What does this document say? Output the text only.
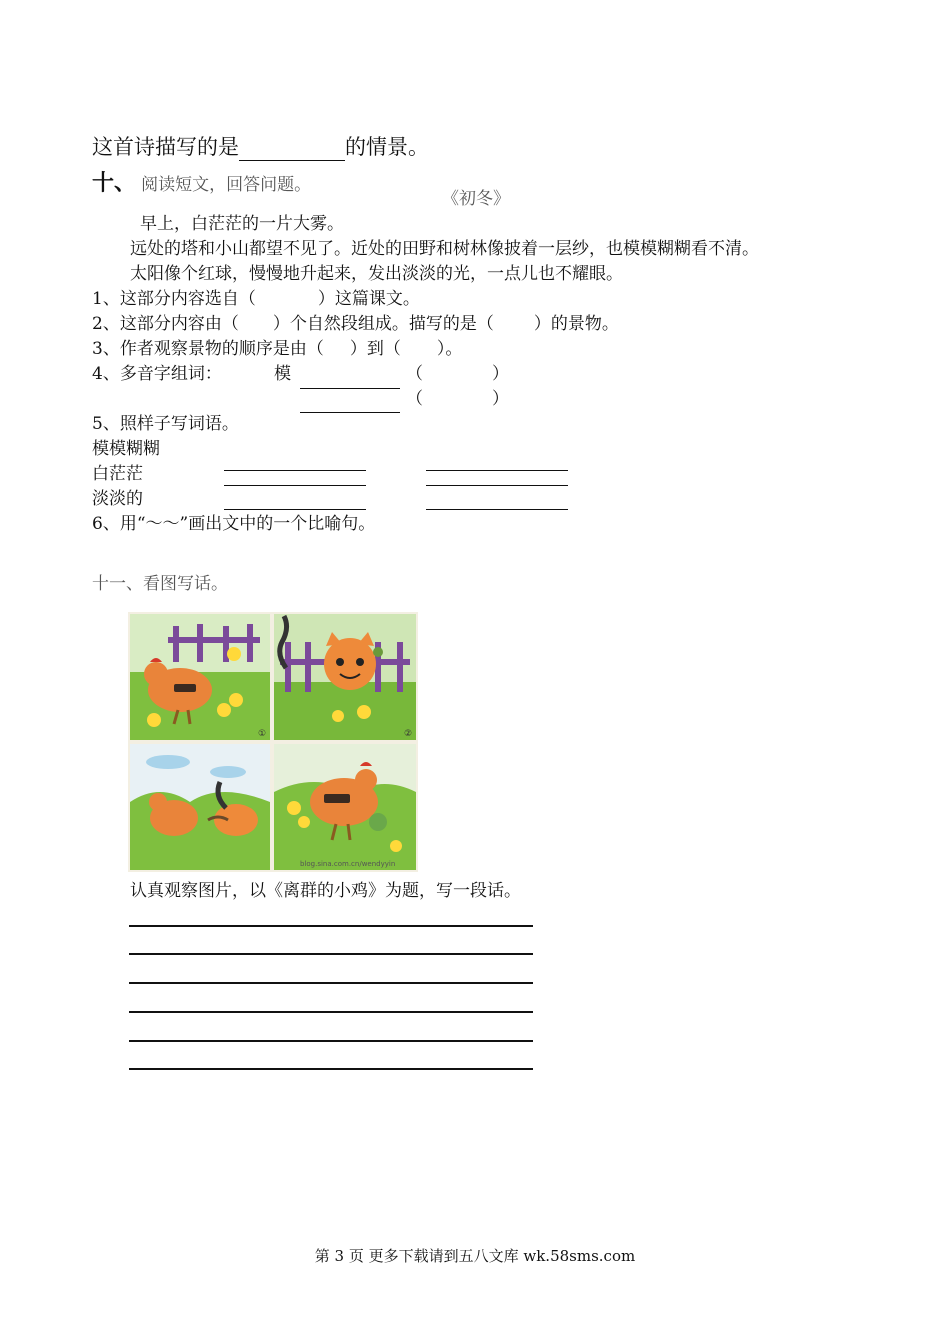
这首诗描写的是	的情景。
十、 阅读短文，回答问题。
《初冬》
早上，白茫茫的一片大雾。
远处的塔和小山都望不见了。近处的田野和树林像披着一层纱，也模模糊糊看不清。
太阳像个红球，慢慢地升起来，发出淡淡的光，一点儿也不耀眼。
1、这部分内容选自（	）这篇课文。
2、这部分内容由（ ）个自然段组成。描写的是（ ）的景物。
3、作者观察景物的顺序是由（ ）到（ ）。
4、多音字组词：	模	（	）
（	）
5、照样子写词语。
模模糊糊
白茫茫
淡淡的
6、用“～～”画出文中的一个比喻句。
十一、看图写话。
①	②
blog.sina.com.cn/wendyyin
认真观察图片，以《离群的小鸡》为题，写一段话。
第 3 页 更多下载请到五八文库 wk.58sms.com
